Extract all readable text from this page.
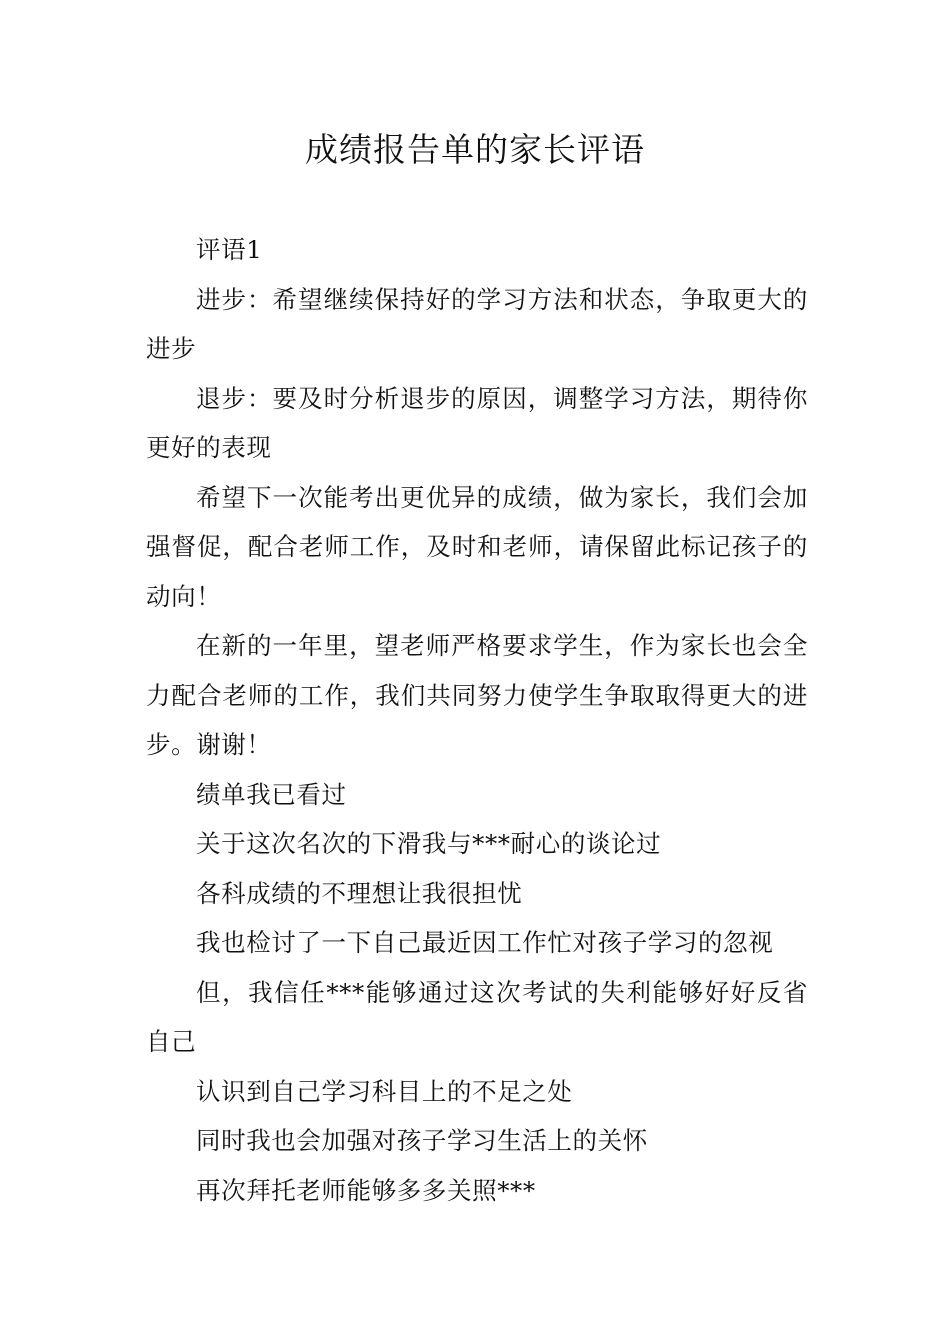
成绩报告单的家长评语

评语1

进步：希望继续保持好的学习方法和状态，争取更大的进步

退步：要及时分析退步的原因，调整学习方法，期待你更好的表现

希望下一次能考出更优异的成绩，做为家长，我们会加强督促，配合老师工作，及时和老师，请保留此标记孩子的动向！

在新的一年里，望老师严格要求学生，作为家长也会全力配合老师的工作，我们共同努力使学生争取取得更大的进步。谢谢！

绩单我已看过

关于这次名次的下滑我与***耐心的谈论过

各科成绩的不理想让我很担忧

我也检讨了一下自己最近因工作忙对孩子学习的忽视

但，我信任***能够通过这次考试的失利能够好好反省自己

认识到自己学习科目上的不足之处

同时我也会加强对孩子学习生活上的关怀

再次拜托老师能够多多关照***
